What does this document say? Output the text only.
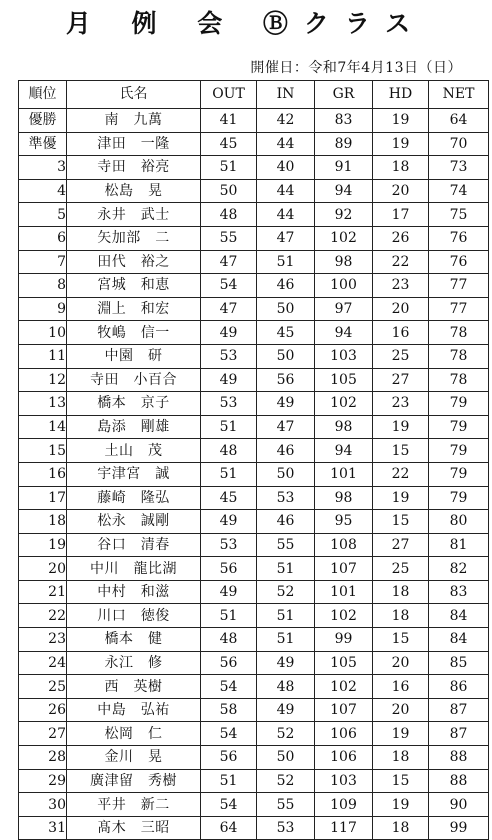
月 例 会 Ⓑクラス
開催日：令和7年4月13日（日）
順位	氏名	OUT	IN	GR	HD	NET
優勝	南　九萬	41	42	83	19	64
準優	津田　一隆	45	44	89	19	70
3	寺田　裕亮	51	40	91	18	73
4	松島　晃	50	44	94	20	74
5	永井　武士	48	44	92	17	75
6	矢加部　二	55	47	102	26	76
7	田代　裕之	47	51	98	22	76
8	宮城　和恵	54	46	100	23	77
9	淵上　和宏	47	50	97	20	77
10	牧嶋　信一	49	45	94	16	78
11	中園　研	53	50	103	25	78
12	寺田　小百合	49	56	105	27	78
13	橋本　京子	53	49	102	23	79
14	島添　剛雄	51	47	98	19	79
15	土山　茂	48	46	94	15	79
16	宇津宮　誠	51	50	101	22	79
17	藤崎　隆弘	45	53	98	19	79
18	松永　誠剛	49	46	95	15	80
19	谷口　清春	53	55	108	27	81
20	中川　龍比湖	56	51	107	25	82
21	中村　和滋	49	52	101	18	83
22	川口　徳俊	51	51	102	18	84
23	橋本　健	48	51	99	15	84
24	永江　修	56	49	105	20	85
25	西　英樹	54	48	102	16	86
26	中島　弘祐	58	49	107	20	87
27	松岡　仁	54	52	106	19	87
28	金川　晃	56	50	106	18	88
29	廣津留　秀樹	51	52	103	15	88
30	平井　新二	54	55	109	19	90
31	髙木　三昭	64	53	117	18	99
